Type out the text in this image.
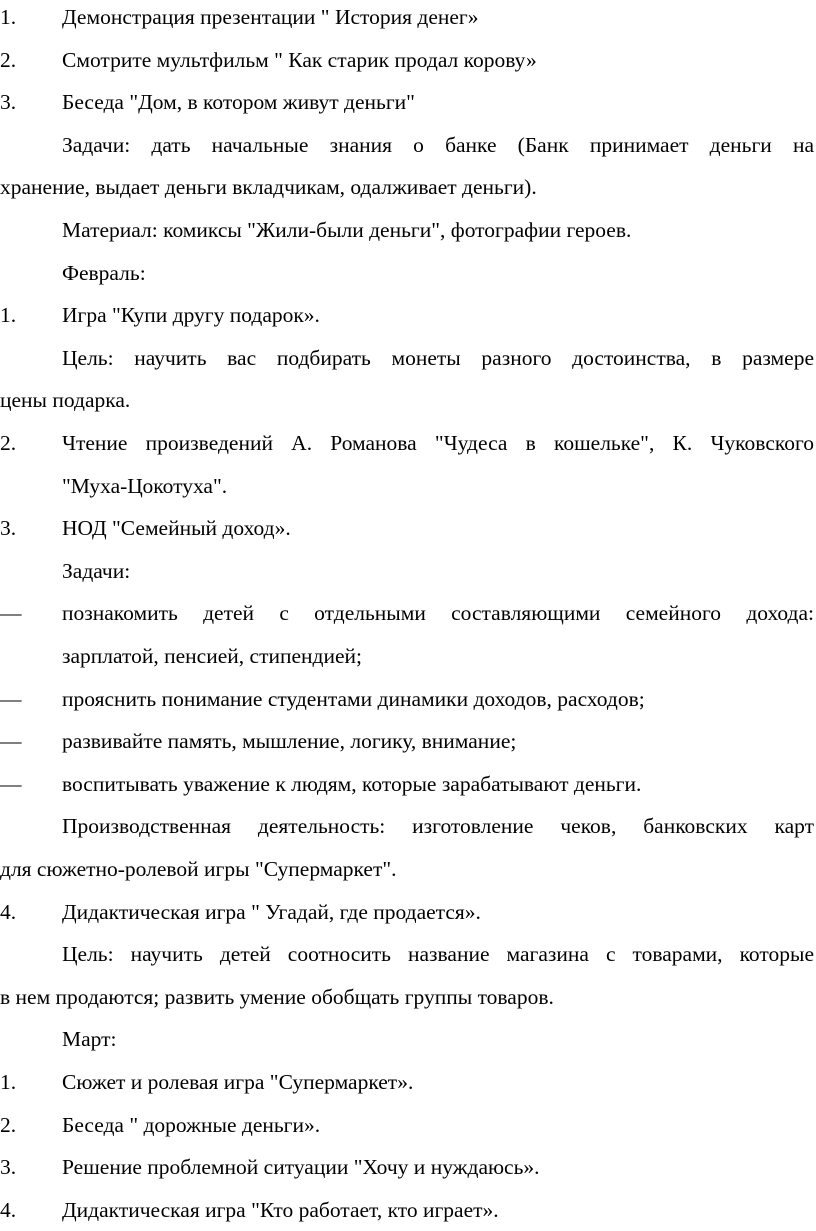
1. Демонстрация презентации " История денег»
2. Смотрите мультфильм " Как старик продал корову»
3. Беседа "Дом, в котором живут деньги"
Задачи: дать начальные знания о банке (Банк принимает деньги на
хранение, выдает деньги вкладчикам, одалживает деньги).
Материал: комиксы "Жили-были деньги", фотографии героев.
Февраль:
1. Игра "Купи другу подарок».
Цель: научить вас подбирать монеты разного достоинства, в размере
цены подарка.
2. Чтение произведений А. Романова "Чудеса в кошельке", К. Чуковского
"Муха-Цокотуха".
3. НОД "Семейный доход».
Задачи:
— познакомить детей с отдельными составляющими семейного дохода:
зарплатой, пенсией, стипендией;
— прояснить понимание студентами динамики доходов, расходов;
— развивайте память, мышление, логику, внимание;
— воспитывать уважение к людям, которые зарабатывают деньги.
Производственная деятельность: изготовление чеков, банковских карт
для сюжетно-ролевой игры "Супермаркет".
4. Дидактическая игра " Угадай, где продается».
Цель: научить детей соотносить название магазина с товарами, которые
в нем продаются; развить умение обобщать группы товаров.
Март:
1. Сюжет и ролевая игра "Супермаркет».
2. Беседа " дорожные деньги».
3. Решение проблемной ситуации "Хочу и нуждаюсь».
4. Дидактическая игра "Кто работает, кто играет».
